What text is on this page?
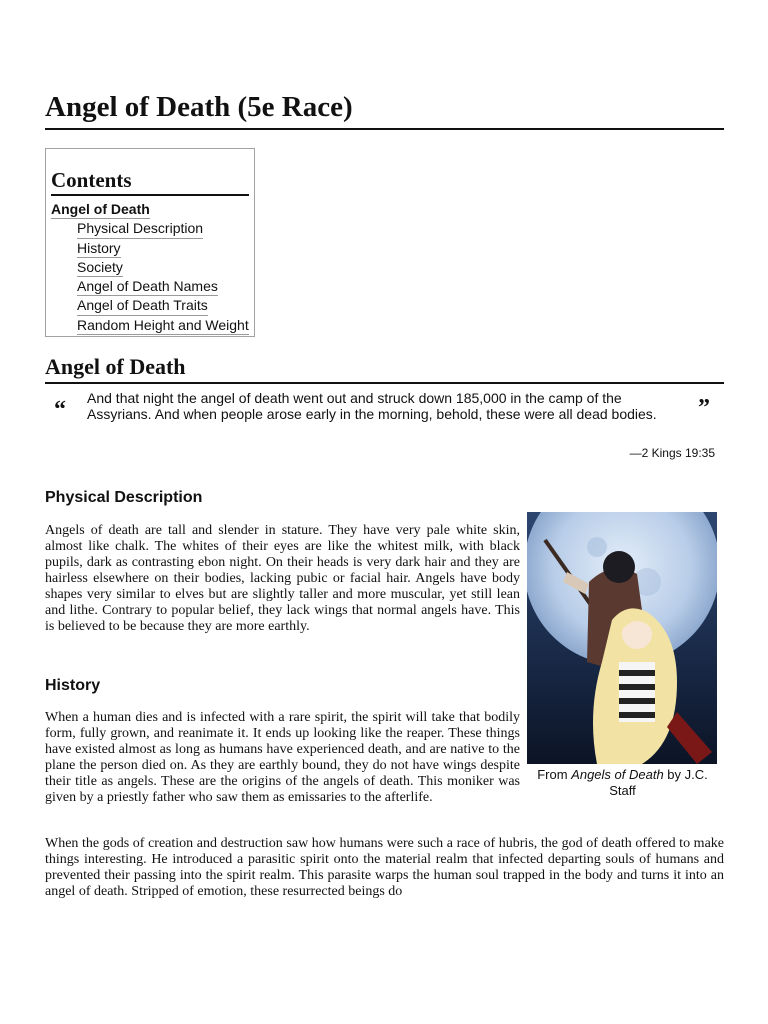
Angel of Death (5e Race)
Contents
Angel of Death
Physical Description
History
Society
Angel of Death Names
Angel of Death Traits
Random Height and Weight
Angel of Death
“ And that night the angel of death went out and struck down 185,000 in the camp of the Assyrians. And when people arose early in the morning, behold, these were all dead bodies.	”
—2 Kings 19:35
Physical Description

Angels of death are tall and slender in stature. They have very pale white skin, almost like chalk. The whites of their eyes are like the whitest milk, with black pupils, dark as contrasting ebon night. On their heads is very dark hair and they are hairless elsewhere on their bodies, lacking pubic or facial hair. Angels have body shapes very similar to elves but are slightly taller and more muscular, yet still lean and lithe. Contrary to popular belief, they lack wings that normal angels have. This is believed to be because they are more earthly.

From Angels of Death by J.C. Staff
History

When a human dies and is infected with a rare spirit, the spirit will take that bodily form, fully grown, and reanimate it. It ends up looking like the reaper. These things have existed almost as long as humans have experienced death, and are native to the plane the person died on. As they are earthly bound, they do not have wings despite their title as angels. These are the origins of the angels of death. This moniker was given by a priestly father who saw them as emissaries to the afterlife.

When the gods of creation and destruction saw how humans were such a race of hubris, the god of death offered to make things interesting. He introduced a parasitic spirit onto the material realm that infected departing souls of humans and prevented their passing into the spirit realm. This parasite warps the human soul trapped in the body and turns it into an angel of death. Stripped of emotion, these resurrected beings do
